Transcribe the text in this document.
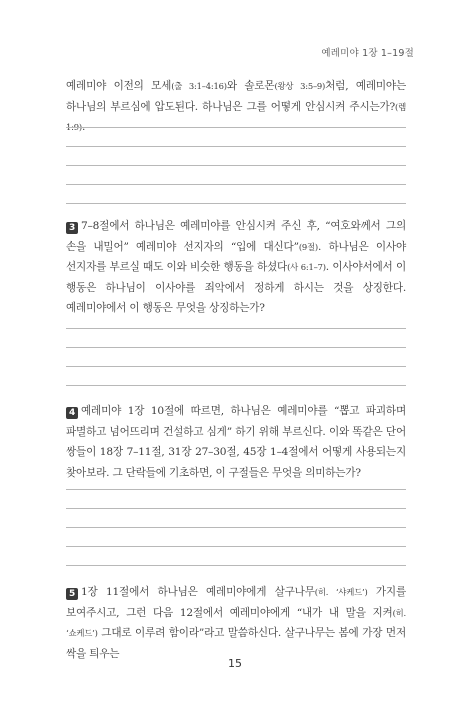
예레미야 1장 1–19절
예레미야 이전의 모세(출 3:1–4:16)와 솔로몬(왕상 3:5–9)처럼, 예레미야는 하나님의 부르심에 압도된다. 하나님은 그를 어떻게 안심시켜 주시는가?(렘 1:9).
3 7–8절에서 하나님은 예레미야를 안심시켜 주신 후, “여호와께서 그의 손을 내밀어” 예레미야 선지자의 “입에 대신다”(9절). 하나님은 이사야 선지자를 부르실 때도 이와 비슷한 행동을 하셨다(사 6:1–7). 이사야서에서 이 행동은 하나님이 이사야를 죄악에서 정하게 하시는 것을 상징한다. 예레미야에서 이 행동은 무엇을 상징하는가?
4 예레미야 1장 10절에 따르면, 하나님은 예레미야를 “뽑고 파괴하며 파멸하고 넘어뜨리며 건설하고 심게” 하기 위해 부르신다. 이와 똑같은 단어 쌍들이 18장 7–11절, 31장 27–30절, 45장 1–4절에서 어떻게 사용되는지 찾아보라. 그 단락들에 기초하면, 이 구절들은 무엇을 의미하는가?
5 1장 11절에서 하나님은 예레미야에게 살구나무(히. ‘샤케드’) 가지를 보여주시고, 그런 다음 12절에서 예레미야에게 “내가 내 말을 지켜(히. ‘쇼케드’) 그대로 이루려 함이라”라고 말씀하신다. 살구나무는 봄에 가장 먼저 싹을 틔우는
15
